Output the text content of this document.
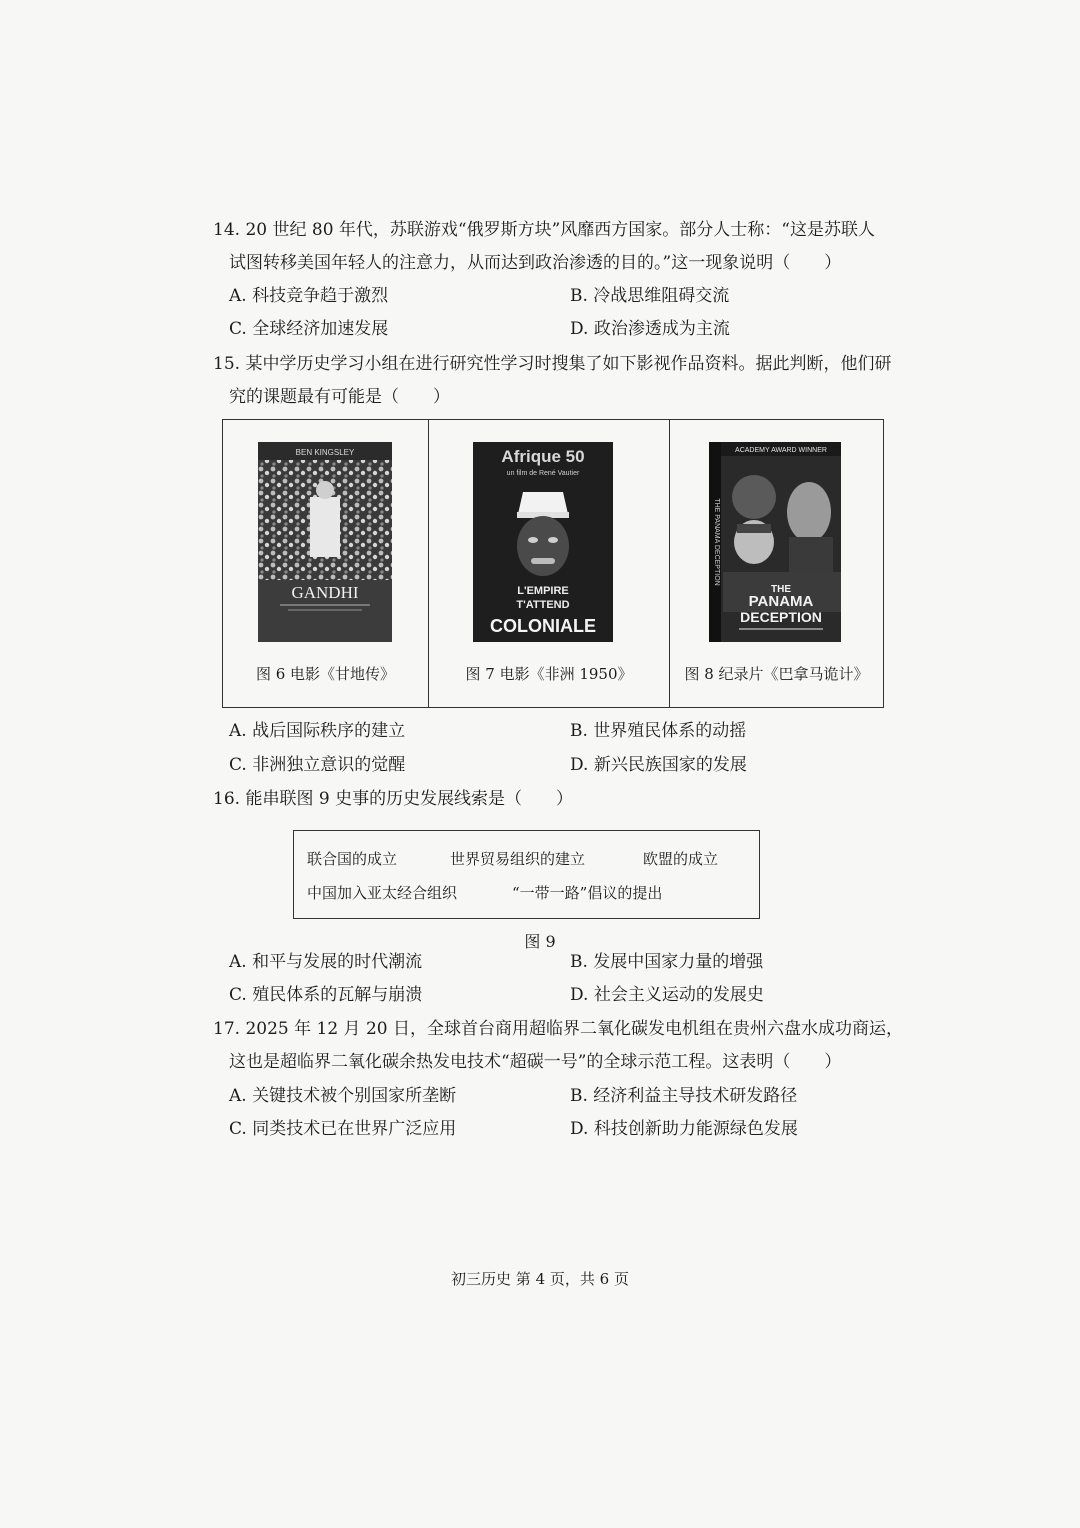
14. 20 世纪 80 年代，苏联游戏“俄罗斯方块”风靡西方国家。部分人士称：“这是苏联人
试图转移美国年轻人的注意力，从而达到政治渗透的目的。”这一现象说明（　　）
A. 科技竞争趋于激烈	B. 冷战思维阻碍交流
C. 全球经济加速发展	D. 政治渗透成为主流
15. 某中学历史学习小组在进行研究性学习时搜集了如下影视作品资料。据此判断，他们研
究的课题最有可能是（　　）
BEN KINGSLEY
GANDHI
图 6 电影《甘地传》
Afrique 50
un film de René Vautier
L'EMPIRE
T'ATTEND
COLONIALE
图 7 电影《非洲 1950》
THE PANAMA DECEPTION
ACADEMY AWARD WINNER
THE
PANAMA
DECEPTION
图 8 纪录片《巴拿马诡计》
A. 战后国际秩序的建立	B. 世界殖民体系的动摇
C. 非洲独立意识的觉醒	D. 新兴民族国家的发展
16. 能串联图 9 史事的历史发展线索是（　　）
联合国的成立	世界贸易组织的建立	欧盟的成立
中国加入亚太经合组织	“一带一路”倡议的提出
图 9
A. 和平与发展的时代潮流	B. 发展中国家力量的增强
C. 殖民体系的瓦解与崩溃	D. 社会主义运动的发展史
17. 2025 年 12 月 20 日，全球首台商用超临界二氧化碳发电机组在贵州六盘水成功商运，
这也是超临界二氧化碳余热发电技术“超碳一号”的全球示范工程。这表明（　　）
A. 关键技术被个别国家所垄断	B. 经济利益主导技术研发路径
C. 同类技术已在世界广泛应用	D. 科技创新助力能源绿色发展
初三历史 第 4 页，共 6 页
